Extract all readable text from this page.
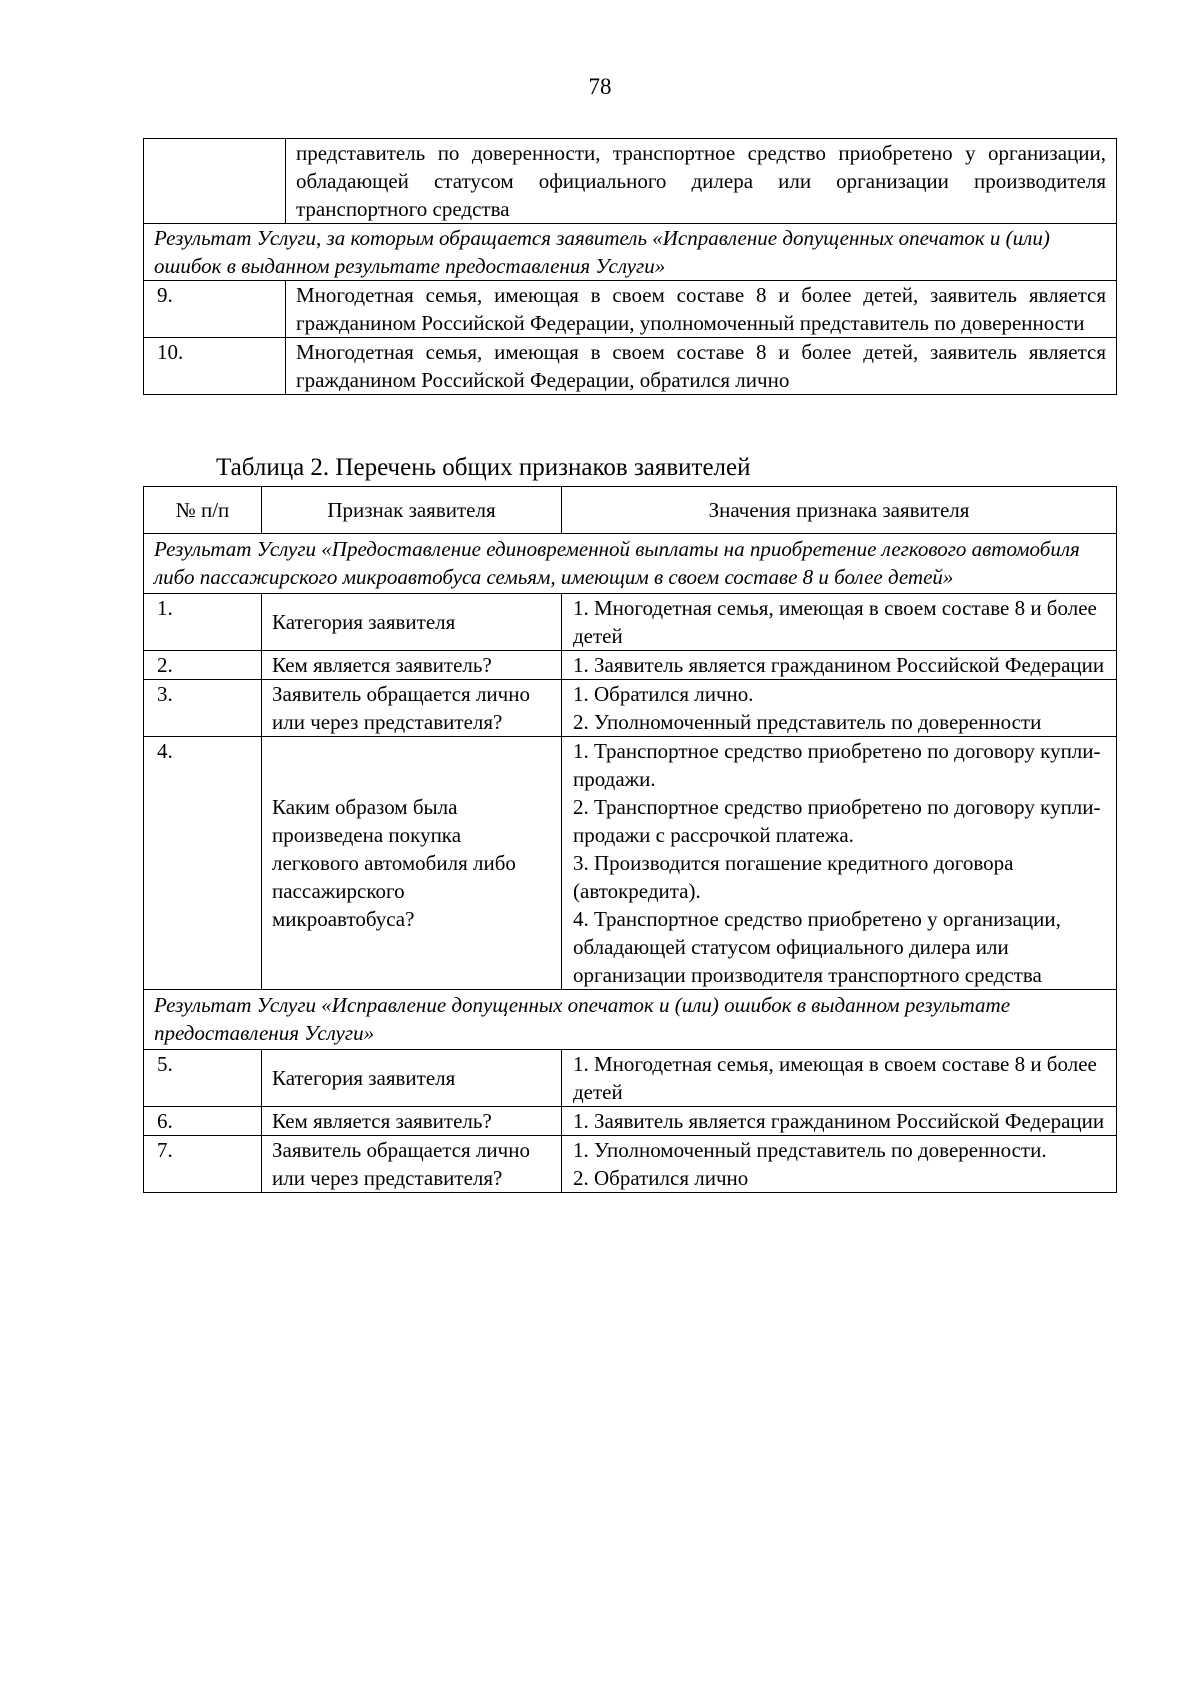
78
	представитель по доверенности, транспортное средство приобретено у организации, обладающей статусом официального дилера или организации производителя транспортного средства
Результат Услуги, за которым обращается заявитель «Исправление допущенных опечаток и (или) ошибок в выданном результате предоставления Услуги»	
9.	Многодетная семья, имеющая в своем составе 8 и более детей, заявитель является гражданином Российской Федерации, уполномоченный представитель по доверенности
10.	Многодетная семья, имеющая в своем составе 8 и более детей, заявитель является гражданином Российской Федерации, обратился лично
Таблица 2. Перечень общих признаков заявителей
№ п/п	Признак заявителя	Значения признака заявителя
Результат Услуги «Предоставление единовременной выплаты на приобретение легкового автомобиля либо пассажирского микроавтобуса семьям, имеющим в своем составе 8 и более детей»		
1.	Категория заявителя	1. Многодетная семья, имеющая в своем составе 8 и более детей

2.	Кем является заявитель?	1. Заявитель является гражданином Российской Федерации

3.	Заявитель обращается лично или через представителя?	1. Обратился лично.
2. Уполномоченный представитель по доверенности

4.	Каким образом была произведена покупка легкового автомобиля либо пассажирского микроавтобуса?	1. Транспортное средство приобретено по договору купли-продажи.
2. Транспортное средство приобретено по договору купли-продажи с рассрочкой платежа.
3. Производится погашение кредитного договора (автокредита).
4. Транспортное средство приобретено у организации, обладающей статусом официального дилера или организации производителя транспортного средства

Результат Услуги «Исправление допущенных опечаток и (или) ошибок в выданном результате предоставления Услуги»		
5.	Категория заявителя	1. Многодетная семья, имеющая в своем составе 8 и более детей

6.	Кем является заявитель?	1. Заявитель является гражданином Российской Федерации

7.	Заявитель обращается лично или через представителя?	1. Уполномоченный представитель по доверенности.
2. Обратился лично
